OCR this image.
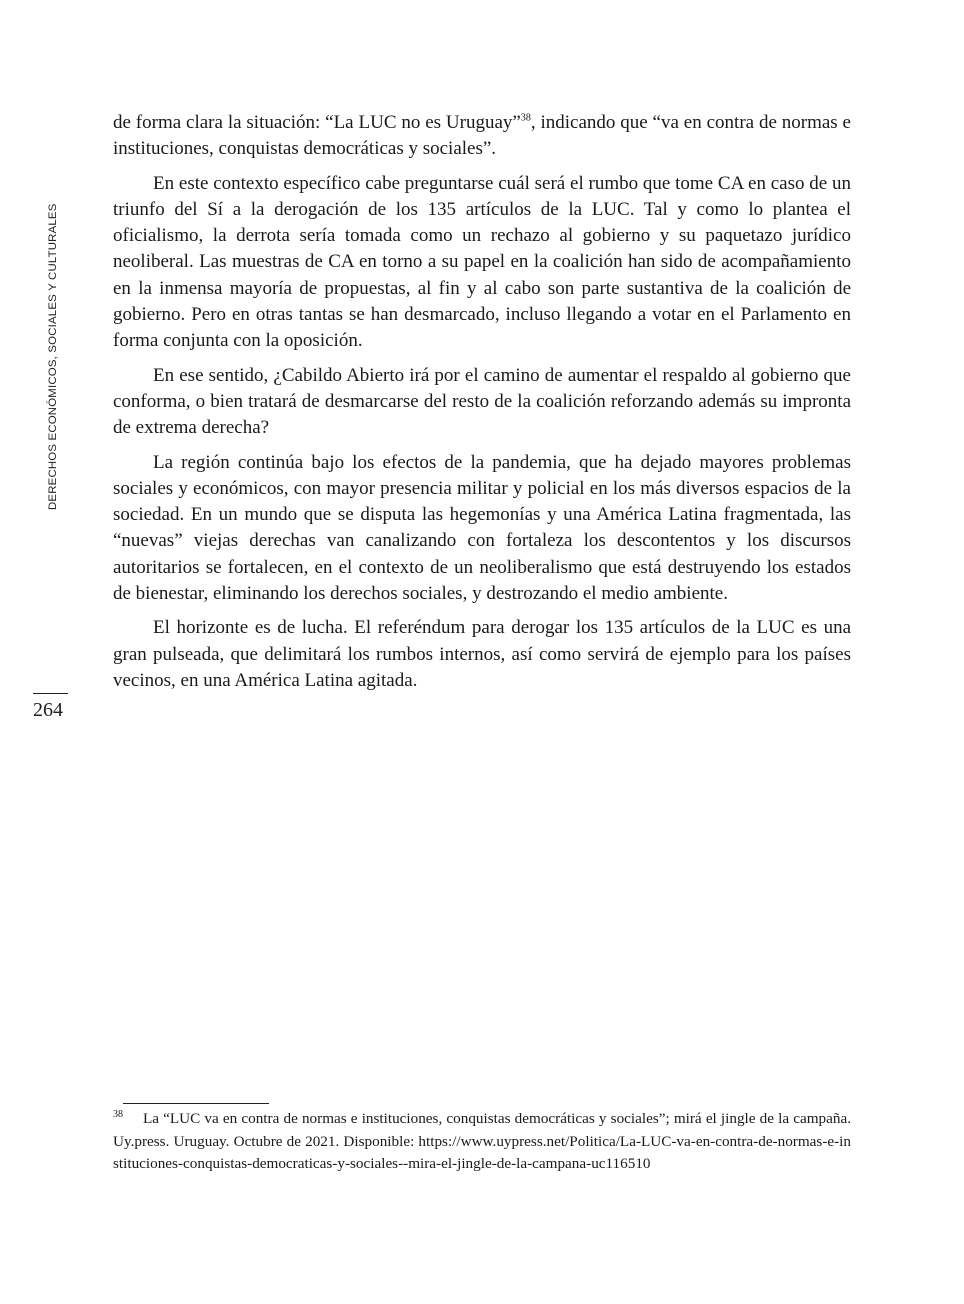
DERECHOS ECONÓMICOS, SOCIALES Y CULTURALES
264

de forma clara la situación: “La LUC no es Uruguay”$^{38}$, indicando que “va en contra de normas e instituciones, conquistas democráticas y sociales”.

En este contexto específico cabe preguntarse cuál será el rumbo que tome CA en caso de un triunfo del Sí a la derogación de los 135 artículos de la LUC. Tal y como lo plantea el oficialismo, la derrota sería tomada como un rechazo al gobierno y su paquetazo jurídico neoliberal. Las muestras de CA en torno a su papel en la coalición han sido de acompañamiento en la inmensa mayoría de propuestas, al fin y al cabo son parte sustantiva de la coalición de gobierno. Pero en otras tantas se han desmarcado, incluso llegando a votar en el Parlamento en forma conjunta con la oposición.

En ese sentido, ¿Cabildo Abierto irá por el camino de aumentar el respaldo al gobierno que conforma, o bien tratará de desmarcarse del resto de la coalición reforzando además su impronta de extrema derecha?

La región continúa bajo los efectos de la pandemia, que ha dejado mayores problemas sociales y económicos, con mayor presencia militar y policial en los más diversos espacios de la sociedad. En un mundo que se disputa las hegemonías y una América Latina fragmentada, las “nuevas” viejas derechas van canalizando con fortaleza los descontentos y los discursos autoritarios se fortalecen, en el contexto de un neoliberalismo que está destruyendo los estados de bienestar, eliminando los derechos sociales, y destrozando el medio ambiente.

El horizonte es de lucha. El referéndum para derogar los 135 artículos de la LUC es una gran pulseada, que delimitará los rumbos internos, así como servirá de ejemplo para los países vecinos, en una América Latina agitada.

38 La “LUC va en contra de normas e instituciones, conquistas democráticas y sociales”; mirá el jingle de la campaña. Uy.press. Uruguay. Octubre de 2021. Disponible: https://www.uypress.net/Politica/La-LUC-va-en-contra-de-normas-e-instituciones-conquistas-democraticas-y-sociales--mira-el-jingle-de-la-campana-uc116510
